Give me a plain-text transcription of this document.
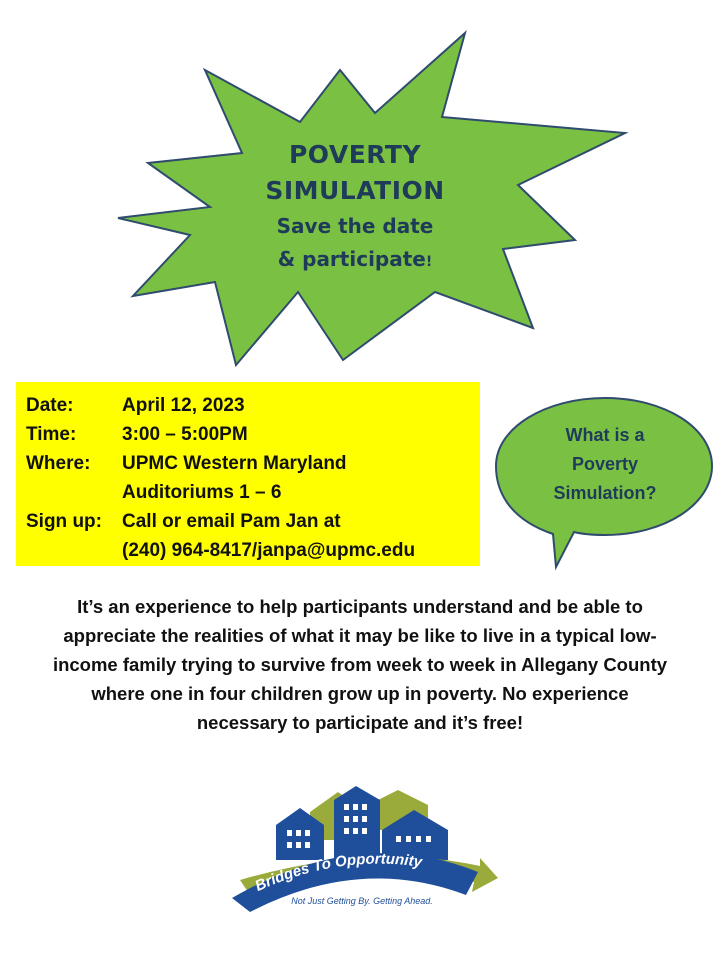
POVERTY
SIMULATION
Save the date
& participate!
Date:	April 12, 2023
Time:	3:00 – 5:00PM
Where:	UPMC Western Maryland
Auditoriums 1 – 6
Sign up:	Call or email Pam Jan at
(240) 964-8417/janpa@upmc.edu
What is a
Poverty
Simulation?
It’s an experience to help participants understand and be able to appreciate the realities of what it may be like to live in a typical low-income family trying to survive from week to week in Allegany County where one in four children grow up in poverty. No experience necessary to participate and it’s free!
Bridges To Opportunity
Not Just Getting By. Getting Ahead.
